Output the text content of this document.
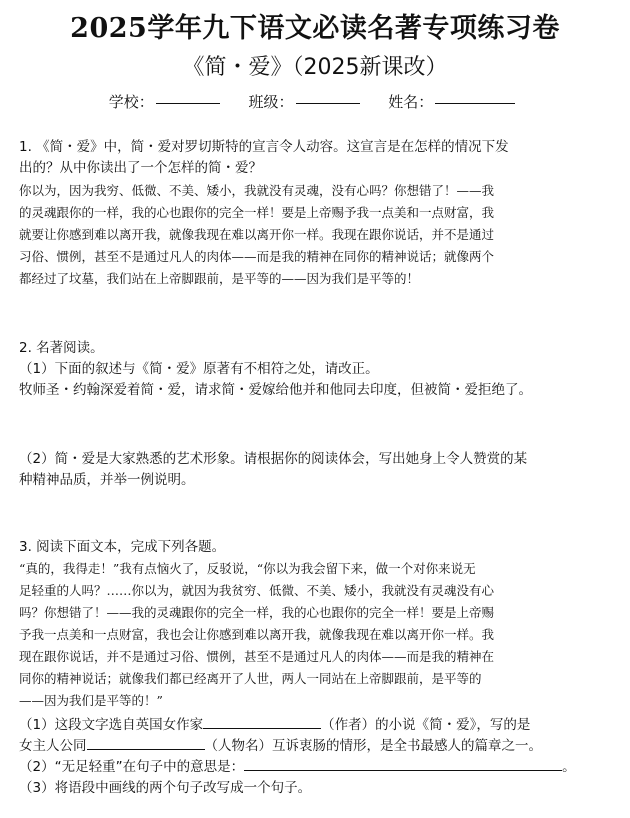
2025学年九下语文必读名著专项练习卷
《简・爱》（2025新课改）
学校：	班级：	姓名：
1. 《简・爱》中，简・爱对罗切斯特的宣言令人动容。这宣言是在怎样的情况下发
出的？从中你读出了一个怎样的简・爱？
你以为，因为我穷、低微、不美、矮小，我就没有灵魂，没有心吗？你想错了！——我
的灵魂跟你的一样，我的心也跟你的完全一样！要是上帝赐予我一点美和一点财富，我
就要让你感到难以离开我，就像我现在难以离开你一样。我现在跟你说话，并不是通过
习俗、惯例，甚至不是通过凡人的肉体——而是我的精神在同你的精神说话；就像两个
都经过了坟墓，我们站在上帝脚跟前，是平等的——因为我们是平等的！
2. 名著阅读。
（1）下面的叙述与《简・爱》原著有不相符之处，请改正。
牧师圣・约翰深爱着简・爱，请求简・爱嫁给他并和他同去印度，但被简・爱拒绝了。
（2）简・爱是大家熟悉的艺术形象。请根据你的阅读体会，写出她身上令人赞赏的某
种精神品质，并举一例说明。
3. 阅读下面文本，完成下列各题。
“真的，我得走！”我有点恼火了，反驳说，“你以为我会留下来，做一个对你来说无
足轻重的人吗？……你以为，就因为我贫穷、低微、不美、矮小，我就没有灵魂没有心
吗？你想错了！——我的灵魂跟你的完全一样，我的心也跟你的完全一样！要是上帝赐
予我一点美和一点财富，我也会让你感到难以离开我，就像我现在难以离开你一样。我
现在跟你说话，并不是通过习俗、惯例，甚至不是通过凡人的肉体——而是我的精神在
同你的精神说话；就像我们都已经离开了人世，两人一同站在上帝脚跟前，是平等的
——因为我们是平等的！”
（1）这段文字选自英国女作家	（作者）的小说《简・爱》，写的是
女主人公同	（人物名）互诉衷肠的情形，是全书最感人的篇章之一。
（2）“无足轻重”在句子中的意思是：	。
（3）将语段中画线的两个句子改写成一个句子。
